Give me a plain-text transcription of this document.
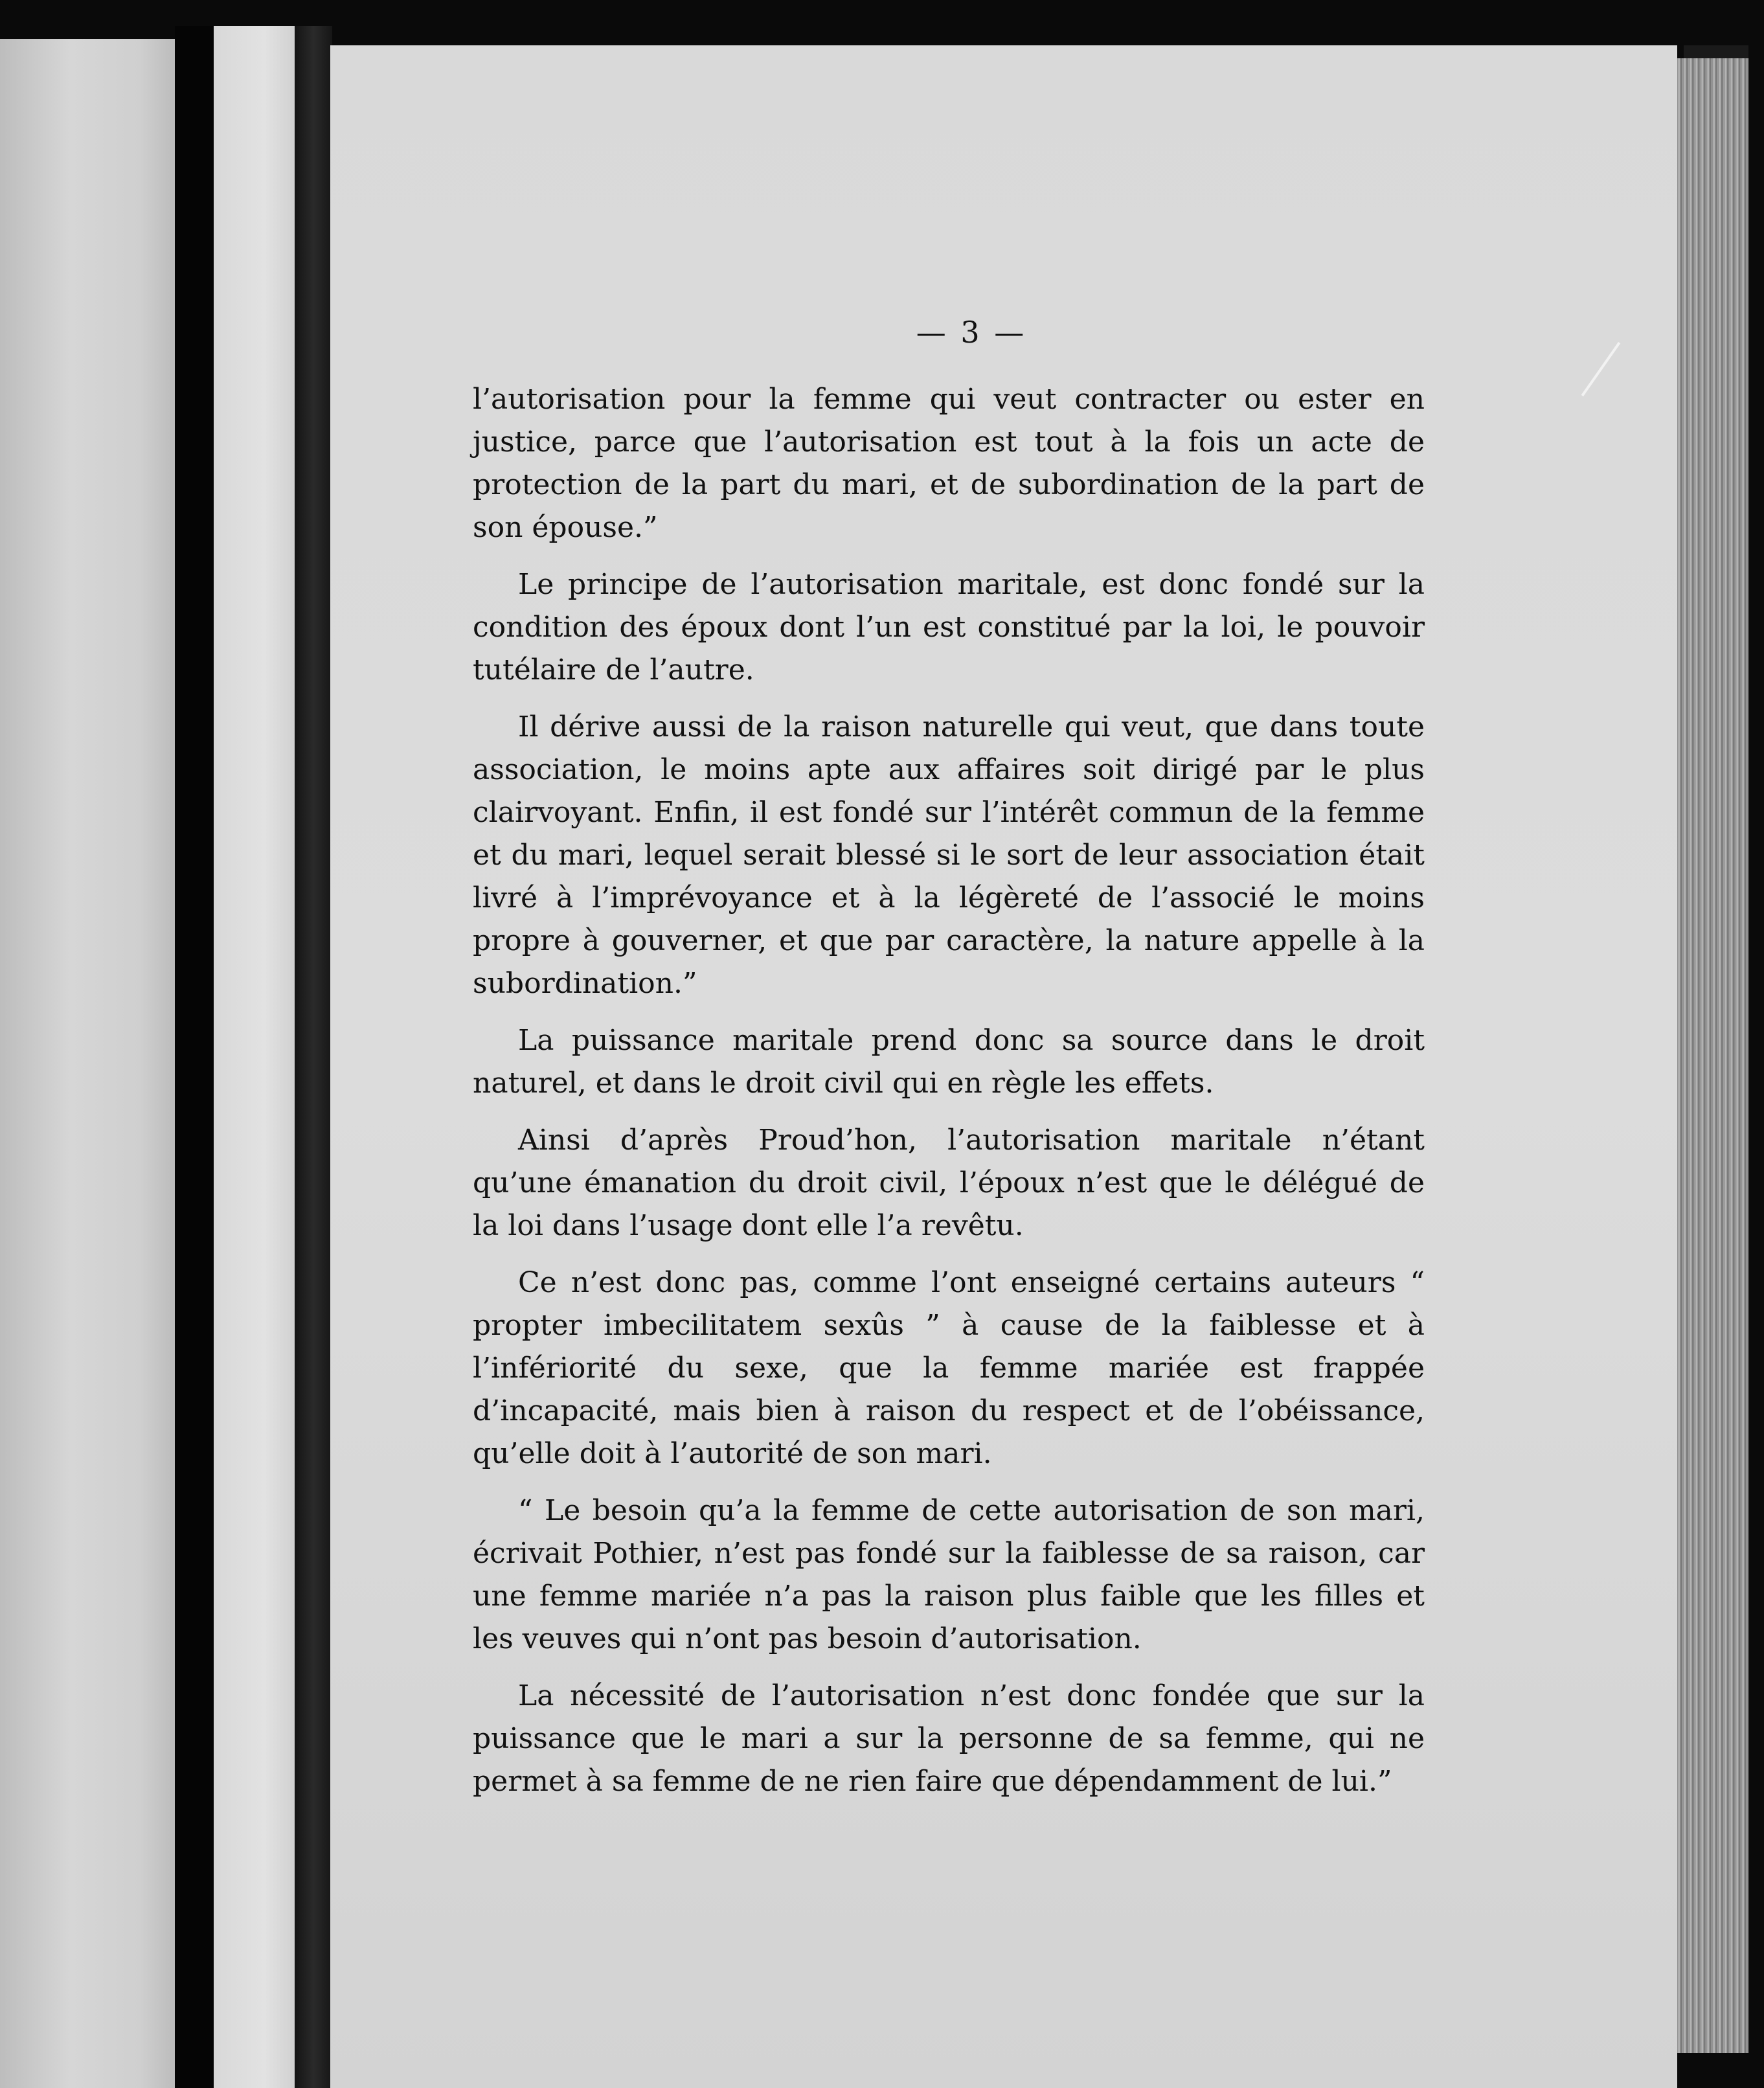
— 3 —

l’autorisation pour la femme qui veut contracter ou ester en justice, parce que l’autorisation est tout à la fois un acte de protection de la part du mari, et de subordination de la part de son épouse.”

Le principe de l’autorisation maritale, est donc fondé sur la condition des époux dont l’un est constitué par la loi, le pouvoir tutélaire de l’autre.

Il dérive aussi de la raison naturelle qui veut, que dans toute association, le moins apte aux affaires soit dirigé par le plus clairvoyant. Enfin, il est fondé sur l’intérêt commun de la femme et du mari, lequel serait blessé si le sort de leur association était livré à l’imprévoyance et à la légèreté de l’associé le moins propre à gouverner, et que par caractère, la nature appelle à la subordination.”

La puissance maritale prend donc sa source dans le droit naturel, et dans le droit civil qui en règle les effets.

Ainsi d’après Proud’hon, l’autorisation maritale n’étant qu’une émanation du droit civil, l’époux n’est que le délégué de la loi dans l’usage dont elle l’a revêtu.

Ce n’est donc pas, comme l’ont enseigné certains auteurs “ propter imbecilitatem sexûs ” à cause de la faiblesse et à l’infériorité du sexe, que la femme mariée est frappée d’incapacité, mais bien à raison du respect et de l’obéissance, qu’elle doit à l’autorité de son mari.

“ Le besoin qu’a la femme de cette autorisation de son mari, écrivait Pothier, n’est pas fondé sur la faiblesse de sa raison, car une femme mariée n’a pas la raison plus faible que les filles et les veuves qui n’ont pas besoin d’autorisation.

La nécessité de l’autorisation n’est donc fondée que sur la puissance que le mari a sur la personne de sa femme, qui ne permet à sa femme de ne rien faire que dépendamment de lui.”
